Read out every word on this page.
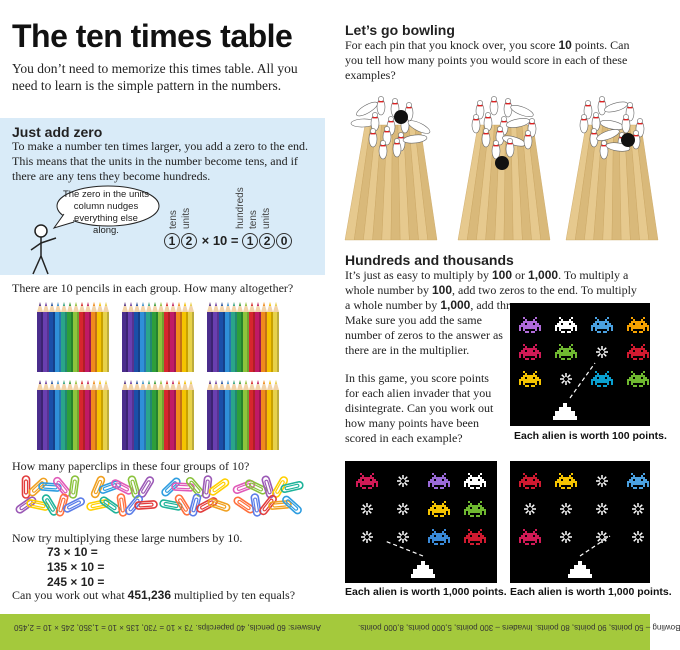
The ten times table
You don’t need to memorize this times table. All you need to learn is the simple pattern in the numbers.
Just add zero
To make a number ten times larger, you add a zero to the end. This means that the units in the number become tens, and if there are any tens they become hundreds.
The zero in the units column nudges everything else along.
tens units	hundreds tens units
1 2 × 10 = 1 2 0
There are 10 pencils in each group. How many altogether?
How many paperclips in these four groups of 10?
Now try multiplying these large numbers by 10.
73 × 10 =
135 × 10 =
245 × 10 =
Can you work out what 451,236 multiplied by ten equals?
Let’s go bowling
For each pin that you knock over, you score 10 points. Can you tell how many points you would score in each of these examples?
Hundreds and thousands
It’s just as easy to multiply by 100 or 1,000. To multiply a whole number by 100, add two zeros to the end. To multiply a whole number by 1,000, add three zeros.
Make sure you add the same number of zeros to the answer as there are in the multiplier.
In this game, you score points for each alien invader that you disintegrate. Can you work out how many points have been scored in each example?	Each alien is worth 100 points.
Each alien is worth 1,000 points. Each alien is worth 1,000 points.
Answers: 60 pencils, 40 paperclips. 73 × 10 = 730, 135 × 10 = 1,350, 245 × 10 = 2,450	Bowling – 50 points, 90 points, 80 points. Invaders – 300 points, 5,000 points, 8,000 points.
